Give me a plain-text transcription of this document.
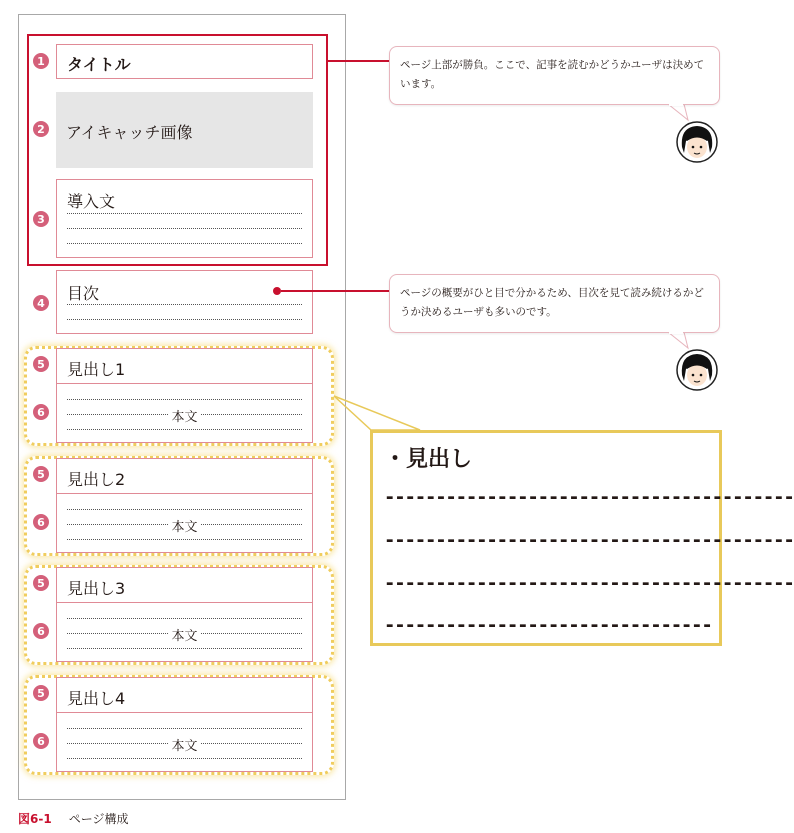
1 タイトル
2 アイキャッチ画像
3
導入文
4 目次
5
6
見出し1
本文
5
6
見出し2
本文
5
6
見出し3
本文
5
6
見出し4
本文
ページ上部が勝負。ここで、記事を読むかどうかユーザは決めています。
ページの概要がひと目で分かるため、目次を見て読み続けるかどうか決めるユーザも多いのです。
・見出し
----------------------------------------
----------------------------------------
----------------------------------------
--------------------------------
図6-1 ページ構成
